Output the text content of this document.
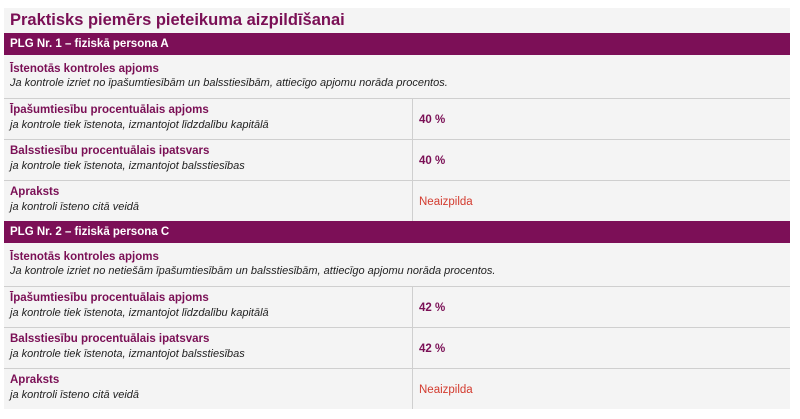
Praktisks piemērs pieteikuma aizpildīšanai
PLG Nr. 1 – fiziskā persona A
Īstenotās kontroles apjoms
Ja kontrole izriet no īpašumtiesībām un balsstiesībām, attiecīgo apjomu norāda procentos.
Īpašumtiesību procentuālais apjoms
ja kontrole tiek īstenota, izmantojot līdzdalību kapitālā	40 %
Balsstiesību procentuālais ipatsvars
ja kontrole tiek īstenota, izmantojot balsstiesības	40 %
Apraksts
ja kontroli īsteno citā veidā	Neaizpilda
PLG Nr. 2 – fiziskā persona C
Īstenotās kontroles apjoms
Ja kontrole izriet no netiešām īpašumtiesībām un balsstiesībām, attiecīgo apjomu norāda procentos.
Īpašumtiesību procentuālais apjoms
ja kontrole tiek īstenota, izmantojot līdzdalību kapitālā	42 %
Balsstiesību procentuālais ipatsvars
ja kontrole tiek īstenota, izmantojot balsstiesības	42 %
Apraksts
ja kontroli īsteno citā veidā	Neaizpilda
